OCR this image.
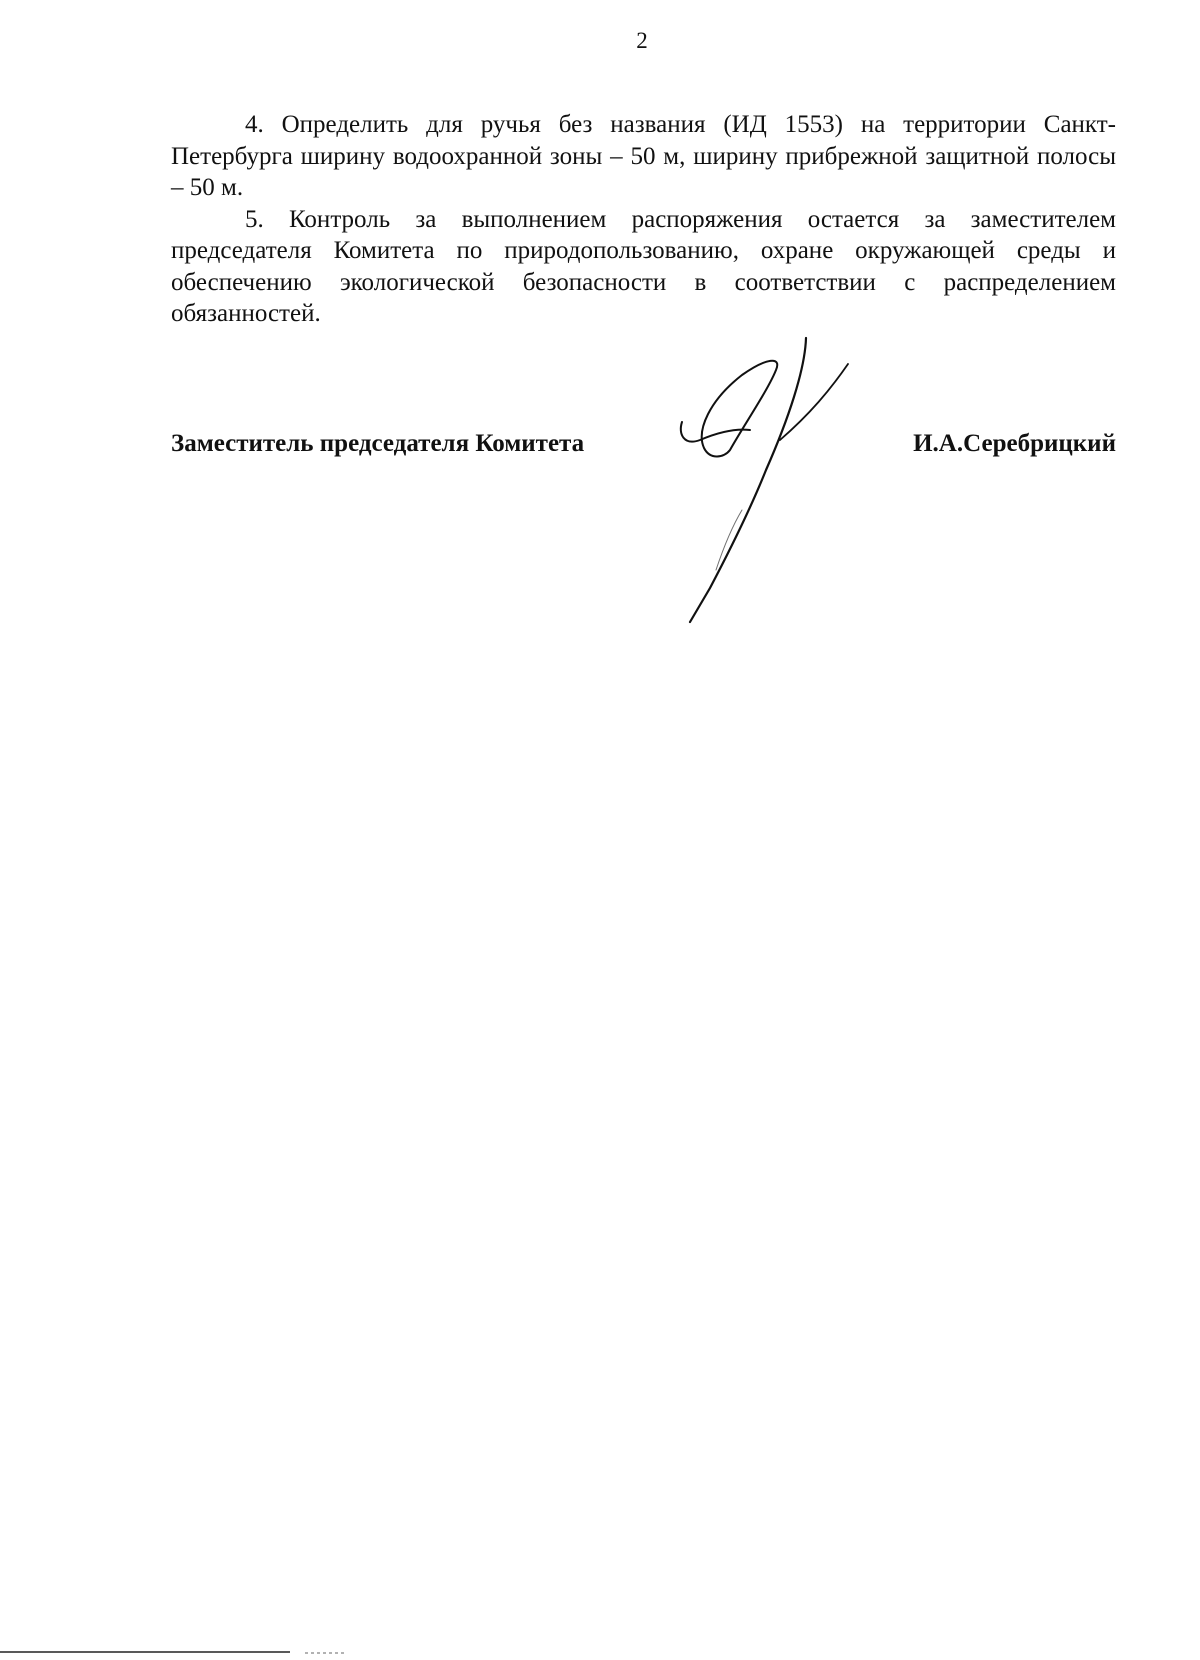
2

4. Определить для ручья без названия (ИД 1553) на территории Санкт-Петербурга ширину водоохранной зоны – 50 м, ширину прибрежной защитной полосы – 50 м.

5. Контроль за выполнением распоряжения остается за заместителем председателя Комитета по природопользованию, охране окружающей среды и обеспечению экологической безопасности в соответствии с распределением обязанностей.

Заместитель председателя Комитета	И.А.Серебрицкий
